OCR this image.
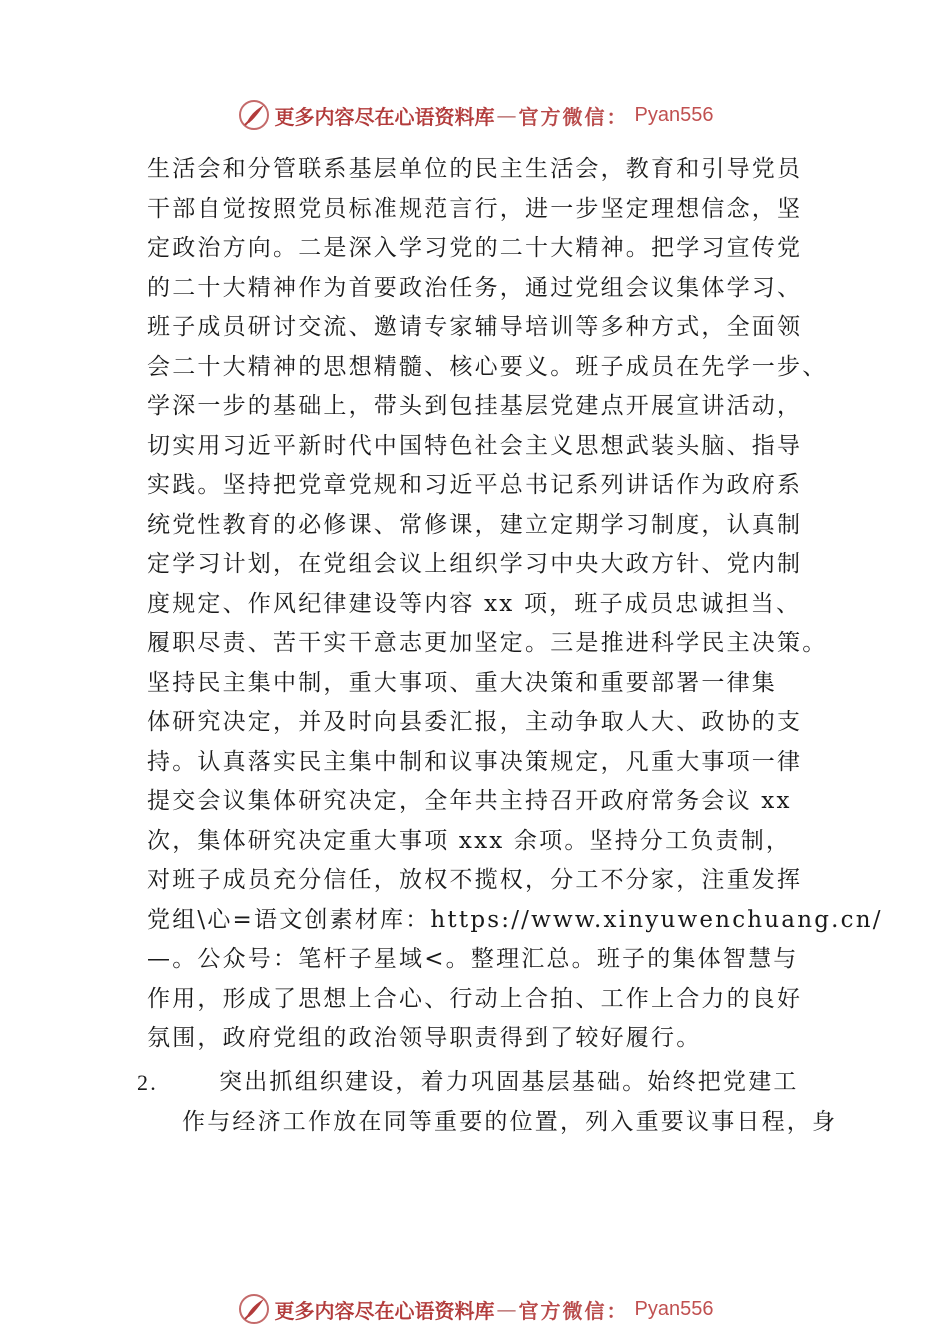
更多内容尽在心语资料库 — 官方微信： Pyan556
生活会和分管联系基层单位的民主生活会，教育和引导党员
干部自觉按照党员标准规范言行，进一步坚定理想信念，坚
定政治方向。二是深入学习党的二十大精神。把学习宣传党
的二十大精神作为首要政治任务，通过党组会议集体学习、
班子成员研讨交流、邀请专家辅导培训等多种方式，全面领
会二十大精神的思想精髓、核心要义。班子成员在先学一步、
学深一步的基础上，带头到包挂基层党建点开展宣讲活动，
切实用习近平新时代中国特色社会主义思想武装头脑、指导
实践。坚持把党章党规和习近平总书记系列讲话作为政府系
统党性教育的必修课、常修课，建立定期学习制度，认真制
定学习计划，在党组会议上组织学习中央大政方针、党内制
度规定、作风纪律建设等内容 xx 项，班子成员忠诚担当、
履职尽责、苦干实干意志更加坚定。三是推进科学民主决策。
坚持民主集中制，重大事项、重大决策和重要部署一律集
体研究决定，并及时向县委汇报，主动争取人大、政协的支
持。认真落实民主集中制和议事决策规定，凡重大事项一律
提交会议集体研究决定，全年共主持召开政府常务会议 xx
次，集体研究决定重大事项 xxx 余项。坚持分工负责制，
对班子成员充分信任，放权不揽权，分工不分家，注重发挥
党组\心=语文创素材库：https://www.xinyuwenchuang.cn/
—。公众号：笔杆子星域<。整理汇总。班子的集体智慧与
作用，形成了思想上合心、行动上合拍、工作上合力的良好
氛围，政府党组的政治领导职责得到了较好履行。
2.	突出抓组织建设，着力巩固基层基础。始终把党建工
作与经济工作放在同等重要的位置，列入重要议事日程，身
更多内容尽在心语资料库 — 官方微信： Pyan556
